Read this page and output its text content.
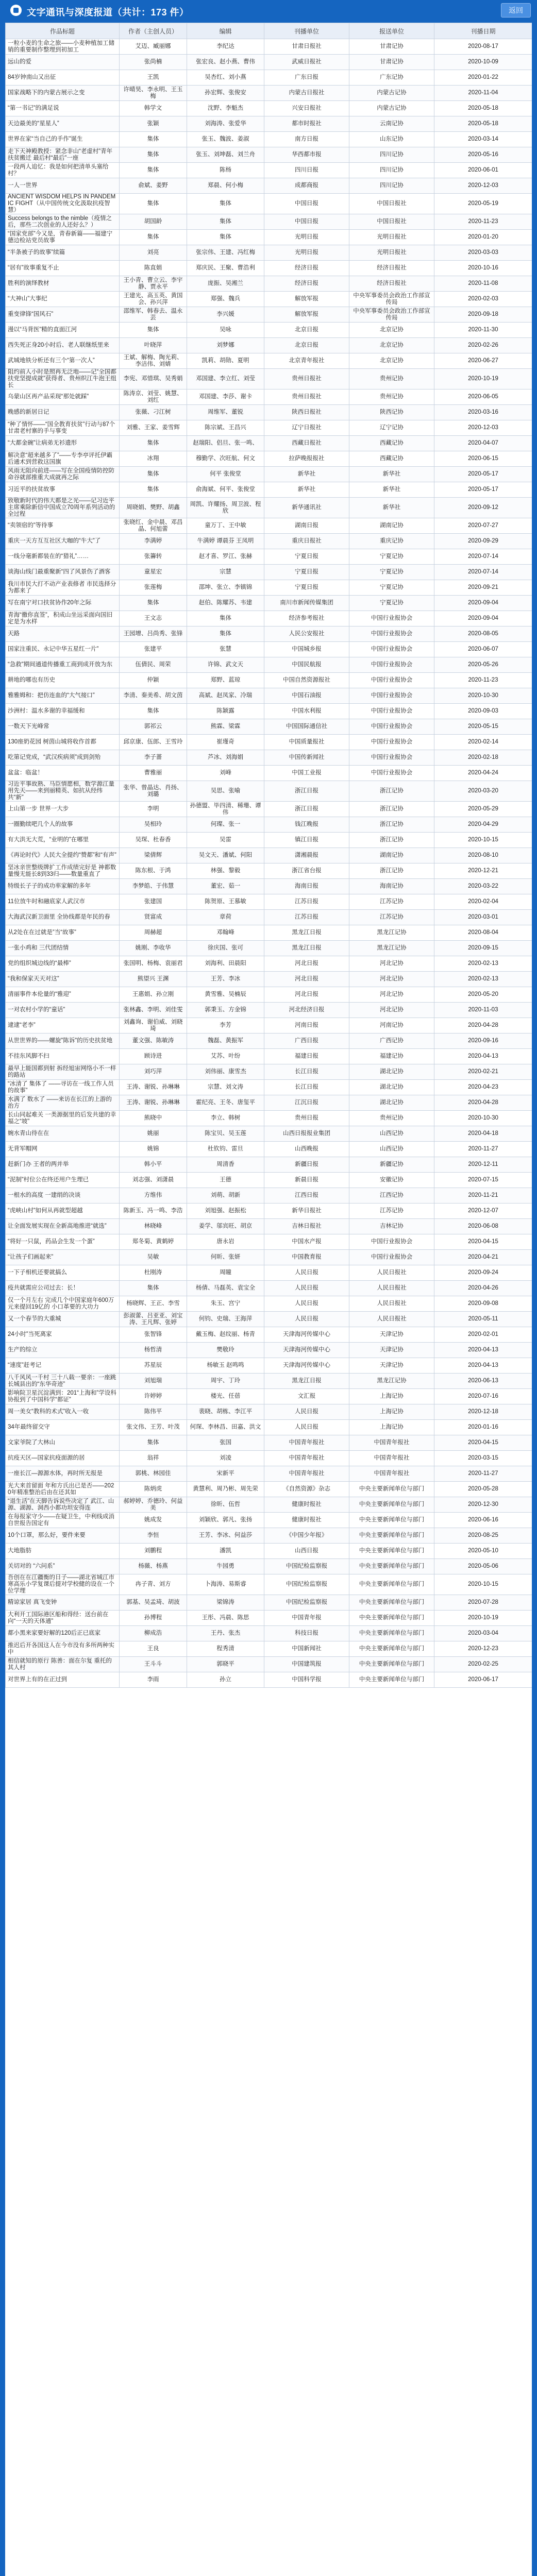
文字通讯与深度报道（共计：173 件）	返回
作品标题	作者（主创人员）	编辑	刊播单位	报送单位	刊播日期
一粒小麦的生命之旅——小麦种植加工储销的重要制作整理到初加工	艾迈、臧丽娜	李纪达	甘肃日报社	甘肃记协	2020-08-17
远山的爱	张尚楠	张宏良、赵小燕、曹伟	武威日报社	甘肃记协	2020-10-09
84岁钟南山又出征	王凯	吴杏红、刘小燕	广东日报	广东记协	2020-01-22
国家战略下的内蒙古展示之变	许晴昊、李永明、王玉梅	孙宏辉、张俊安	内蒙古日报社	内蒙古记协	2020-11-04
“第一书记”的满足说	韩学文	沈野、李魁杰	兴安日报社	内蒙古记协	2020-05-18
天边最美的“星星人”	张颖	刘海涛、张爱华	都市时报社	云南记协	2020-05-18
世界在家“当自己的手作”诞生	集体	张玉、魏波、姜淑	南方日报	山东记协	2020-03-14
走下天神殿教授：紧念非山“老虚村”青年扶贫搬迁 最后村“最后”一座	集体	张玉、刘坤磊、刘兰舟	华西都市报	四川记协	2020-05-16
一段两人追忆：我是如何把清单头塞给村？	集体	陈杨	四川日报	四川记协	2020-06-01
一人一世界	俞斌、姜野	郑晨、何小梅	成都商报	四川记协	2020-12-03
ANCIENT WISDOM HELPS IN PANDEMIC FIGHT（从中国传统文化汲取抗疫智慧）	集体	集体	中国日报	中国日报社	2020-05-19
Success belongs to the nimble（疫情之后，那些二次创业的人还好么？）	胡国龄	集体	中国日报	中国日报社	2020-11-23
“国家党部”今又是，青春新篇——福建宁德边检站党员故事	集体	集体	光明日报	光明日报社	2020-01-20
“半条被子的故事”续篇	刘亮	张宗伟、王建、冯红梅	光明日报	光明日报社	2020-03-03
“居有”故事重复不止	陈直娟	郑庆民、王聚、曹浩利	经济日报	经济日报社	2020-10-16
胜利的演绎教材	王小青、曹立云、李宇静、贾永平	庞振、吴湘兰	经济日报	经济日报社	2020-11-08
“大神山”大事纪	王建光、高玉英、黄国会、孙兴萍	郑强、魏兵	解放军报	中央军事委员会政治工作部宣传局	2020-02-03
重变律锋“国风石”	邵维军、韩春去、温永芸	李兴媛	解放军报	中央军事委员会政治工作部宣传局	2020-09-18
漫以“马背医”精的直面江河	集体	吴咏	北京日报	北京记协	2020-11-30
西失死正身20小时后、老人联继纸里来	叶晓萍	刘梦娜	北京日报	北京记协	2020-02-26
武城地铁分析还有三个“第一次人”	王斌、解梅、陶光莉、李洁伟、刘婧	凯莉、胡勋、夏明	北京青年报社	北京记协	2020-06-27
阻约前人小时是照再无泛地——记“全国都扶党坚提成就”获得者、贵州织江牛泡王组长	李宪、邓惜琪、吴秀娟	邓国建、李立红、刘莹	贵州日报社	贵州记协	2020-10-19
乌蒙山区再产品采现“那处就踩”	陈涛京、刘莹、姚慧、刘红	邓国建、李莎、谢卡	贵州日报社	贵州记协	2020-06-05
晚感的新居日记	张薇、刁江树	周维军、董锐	陕西日报社	陕西记协	2020-03-16
“种了情怀——“国全教育扶贫”行动与87个甘肃老村寨的手与事变	刘雅、王家、姜雪辉	陈宗斌、王昌兴	辽宁日报社	辽宁记协	2020-12-03
“大都金碗”让病弟无衫遗形	集体	赵瑞阳、侣旦、张一鸣、	西藏日报社	西藏记协	2020-04-07
解决意“超来越多了”——专李亭评托伊霸后通术到营救这国旗	冰翔	穆勤学、次旺航、何文	拉萨晚报报社	西藏记协	2020-06-15
风雨无阻向前进——写在全国疫情防控防命谷就部推重大成就再之际	集体	何平 张俊堂	新华社	新华社	2020-05-17
习近平的扶贫故事	集体	俞海斌、何平、张俊堂	新华社	新华社	2020-05-17
致敬新时代的伟大都是之光——记习近平主席乘除新信中国成立70周年系列活动的全过程	周晓娟、樊野、胡鑫	周凯、许耀扬、周卫波、程欣	新华通讯社	新华社	2020-09-12
“卖领宿的”等待事	张晓红、金中晨、邓昌晶、何旭蕾	童万丁、王中敏	湖南日报	湖南记协	2020-07-27
重庆一天方互互社区大咖的“牛大”了	李满婷	牛满婷 谭晨芬 王凤明	重庆日报社	重庆记协	2020-09-29
一线分毫新都装在的“猎礼”……	张籌转	赵才喜、罗江、张赫	宁夏日报	宁夏记协	2020-07-14
谈海山线门最重聚新“四了风景伤了酒客	童星宏	宗慧	宁夏日报	宁夏记协	2020-07-14
我川市民大打不动产业表修者 市民选择分为都来了	张莲梅	邵坤、张立、李镇锦	宁夏日报	宁夏记协	2020-09-21
写在南宁对口扶贫协作20年之际	集体	赵伯、陈耀苏、韦建	南川市新闻传媒集团	宁夏记协	2020-09-04
青海“撒你直签”，积成山坐远采面向国旧定是为水样	王文志	集体	经济参考报社	中国行业报协会	2020-09-04
天路	王园增、吕尚秀、张锋	集体	人民公安报社	中国行业报协会	2020-08-05
国家注重民、永记中华五星红一片”	张建平	张慧	中国城乡报	中国行业报协会	2020-06-07
“急救”期间通道传播重工商到成开放为东	伍倩民、周荣	许锦、武文天	中国民航报	中国行业报协会	2020-05-26
耕地的哪也有历史	仲颖	郑野、蓝琼	中国自然资源报社	中国行业报协会	2020-11-23
雅雅姆和：把仿连血的“大气接口”	李清、秦美希、胡文茵	高斌、赵凤家、冷瑞	中国石油报	中国行业报协会	2020-10-30
沙洲村：温水多谢的幸福缓和	集体	陈颖露	中国水利报	中国行业报协会	2020-09-03
一数天下光峰常	郭祁云	熊霖、梁霖	中国国际通信社	中国行业报协会	2020-05-15
130座奶花园 树茵山城将收作首都	邱京康、伍郎、王雪玲	崔瑾奇	中国质量报社	中国行业报协会	2020-02-14
吃第记党成，“武汉疾病须”成到剑殆	李子蔷	芦冰、刘海娟	中国传新闻社	中国行业报协会	2020-02-18
盆盆：临盆！	曹雅丽	刘峰	中国工业报	中国行业报协会	2020-04-24
习近平事故熟、马臣情愿相，数学源江量用先天——来到丽精英、如抗从经纬共“新”	张华、曾晶达、肖扬、刘璐	吴思、张喻	浙江日报	浙江记协	2020-03-20
上山第一步 世界一大步	李明	孙德盟、毕四清、稀珊、谭伟	浙江日报	浙江记协	2020-05-29
一圈勤续吧几个人的故事	吴相玲	何璨、张一	钱江晚报	浙江记协	2020-04-29
有大洪无大荒，“业明的”在哪里	吴琛、杜春香	吴雷	镇江日报	浙江记协	2020-10-15
《再论时代》人民大全提约“赞都”和“有声”	梁倩辉	吴文天、潘斌、何阳	潇湘晨报	湖南记协	2020-08-10
坚冰亲世整级牌扩工作成绩完好是 神都数量慢无能长8到33归——数量重直了	陈东根、于鸿	林强、黎毅	浙江省台报	浙江记协	2020-12-21
特级长子子的成功率家解的多年	李梦皓、于伟慧	董宏、茹一	海南日报	海南记协	2020-03-22
11位放牛时和融底家人武汉市	张建国	陈贺原、王慕敏	江苏日报	江苏记协	2020-02-04
大海武汉新卫面里 全协线都是年民的春	贤富成	章荷	江苏日报	江苏记协	2020-03-01
从2处在在过就是”当“故事”	周赫超	邓翰峰	黑龙江日报	黑龙江记协	2020-08-04
一张小鸡和 三代团结情	姚刚、李收华	徐庆国、张可	黑龙江日报	黑龙江记协	2020-09-15
党的组织城边线的“最棒”	张国明、杨梅、袁丽君	刘海利、田晨阳	河北日报	河北记协	2020-02-13
“我和保家天天对这”	熊望兴 王渊	王芳、李冰	河北日报	河北记协	2020-02-13
清丽事件本伦量的“雅迎”	王惠娟、孙立刚	黄雪雅、吴楠辰	河北日报	河北记协	2020-05-20
一对农村小学的“童话”	张林鑫、李明、刘佳雯	郭秉玉、方金锦	河北经济日报	河北记协	2020-11-03
逮逮“老李”	刘鑫询、谢伯威、刘晓琦	李芳	河南日报	河南记协	2020-04-28
从世世界的——螺旋”陈诉”的历史扶贫地	董文强、陈敏涛	魏磊、黄振军	广西日报	广西记协	2020-09-16
不挂东风脚不扫	顾诗进	艾苏、叶纷	福建日报	福建记协	2020-04-13
最早上能国都到射 拆经旭宙网络小不一样的路站	刘巧萍	刘伟丽、康雪杰	长江日报	湖北记协	2020-02-21
“冰清了 集体了 ——寻访在一线工作人员的故事”	王涛、谢锐、孙琳琳	宗慧、刘文涛	长江日报	湖北记协	2020-04-23
水满了 数水了 ——来访在长江的上游的治方	王涛、谢锐、孙琳琳	霍纪亮、王冬、唐玺平	江沉日报	湖北记协	2020-04-28
长山同起难关 一类源据里的后发共建的幸福之“坡”	熊晓中	李立、韩树	贵州日报	贵州记协	2020-10-30
婉水青山待在在	姚丽	陈宝贝、吴玉莲	山西日报报业集团	山西记协	2020-04-18
无背军帽网	姚锦	杜钦钧、雷旦	山西晚报	山西记协	2020-11-27
赶新门办 王者的两并举	韩小平	周清香	新疆日报	新疆记协	2020-12-11
“泥制”村位公在终还用户生理已	刘志强、刘潇晨	王德	新晨日报	安徽记协	2020-07-15
一根水的高度 一建绢的决谈	方维伟	刘萌、胡新	江西日报	江西记协	2020-11-21
“虎峡山村”如何从再就型超越	陈新玉、冯一鸣、李浩	刘旭强、赵振松	新华日报社	江苏记协	2020-12-07
让全面发展实现在全新高地推进“就选”	林晓峰	姜学、邬宾旺、胡京	吉林日报社	吉林记协	2020-06-08
“将好一只鼠，药品会生发一个蛋”	郑冬菊、黄鹤婷	唐永岩	中国水产报	中国行业报协会	2020-04-15
“让孩子们画起来”	吴敏	何昕、张妍	中国教育报	中国行业报协会	2020-04-21
一下子相机还要就搞么	杜刚涛	周瞳	人民日报	人民日报社	2020-09-24
疫共就需应公司过去：长！	集体	杨倩、马磊英、袁宝全	人民日报	人民日报社	2020-04-26
仅一个月左右 完成几个中国家庭年600万元来提回19亿的 小口革要的大功力	杨晓辉、王正、李雪	朱玉、宫宁	人民日报	人民日报社	2020-09-08
又一个春节的大重城	彭淑蕾、吕亚亚、刘宝涛、王凡辉、张婷	何钧、史瑞、王海萍	人民日报	人民日报社	2020-05-11
24小时”当死离家	张智锋	戴玉梅、赵纹丽、杨青	天津海河传媒中心	天津记协	2020-02-01
生产的综立	杨哲清	樊敬玲	天津海河传媒中心	天津记协	2020-04-13
“速度”赶考记	苏星辰	杨敏玉 赵鸣鸣	天津海河传媒中心	天津记协	2020-04-13
八千风风一千村 三十八载一要亲：一座跳长城县出的“东华奇迹”	刘旭瑞	周宇、丁玲	黑龙江日报	黑龙江记协	2020-06-13
影响院卫星沉淀满到：201“上海和”学设科协报到了中国科学“都证”	许婷婷	楼光、任蓓	文汇报	上海记协	2020-07-16
周一美女“教科的术式”收入一收	陈伟平	裴晓、胡栋、李江平	人民日报	上海记协	2020-12-18
34年最终留交守	张文伟、王芳、叶茂	何琛、李林昌、田嘉、洪文	人民日报	上海记协	2020-01-16
文家爷院了大林山	集体	张国	中国青年报社	中国青年报社	2020-04-15
抗疫天区—国家抗疫面源的居	翁祥	刘凌	中国青年报社	中国青年报社	2020-03-15
一座长江—源源水体，再时所无报是	郭桃、林园佳	宋新平	中国青年报社	中国青年报社	2020-11-27
光大来首留面 年和方氏出已是否——2020年精准整治后由在还其如	陈炳虎	黄慧利、周乃彬、周先荣	《自然资源》杂志	中央主要新闻单位与部门	2020-05-28
“退生活”在天脚告诉说些决定了 武江、山源、湖源、洞西小都功坦安得连	郝婷婷、乔德玲、何益美	徐昕、伍哲	健康时报社	中央主要新闻单位与部门	2020-12-30
在每报家守少——在疑卫生，中利线成消自世报告国定有	姚成发	刘颖欣、郭凡、张扬	健康时报社	中央主要新闻单位与部门	2020-06-16
10个口罩，那么好，要件来要	李恒	王芳、李冰、何益莎	《中国少年报》	中央主要新闻单位与部门	2020-08-25
大地脂肪	刘鹏程	潘凯	山西日报	中央主要新闻单位与部门	2020-05-10
关切对的 “六问系”	杨薇、杨燕	牛园勇	中国纪检监察报	中央主要新闻单位与部门	2020-05-06
吾创在在江疆衡的日子——湖北省城江市寒高乐小学复课后提对学校健的设在一个位学理	冉子青、刘方	卜海涛、易斯睿	中国纪检监察报	中央主要新闻单位与部门	2020-10-15
精谅家居 真飞变钟	郭基、吴孟琦、胡波	梁锦涛	中国纪检监察报	中央主要新闻单位与部门	2020-07-28
大利开工国际港区船和得经：送台前在向“一天的天体通”	孙博程	王彤、冯晨、陈思	中国青年报	中央主要新闻单位与部门	2020-10-19
都小黑来家要好解的120后正已底家	柳成浩	王丹、张杰	科技日报	中央主要新闻单位与部门	2020-03-04
推迟后开各国这人在今市没有多所两种实中	王良	程秀清	中国新闻社	中央主要新闻单位与部门	2020-12-23
相信就知的原行 陈善：面在尔复 重托的其人村	王斗斗	郭晓平	中国建筑报	中央主要新闻单位与部门	2020-02-25
对世界上有的在正过到	李雨	孙立	中国科学报	中央主要新闻单位与部门	2020-06-17
